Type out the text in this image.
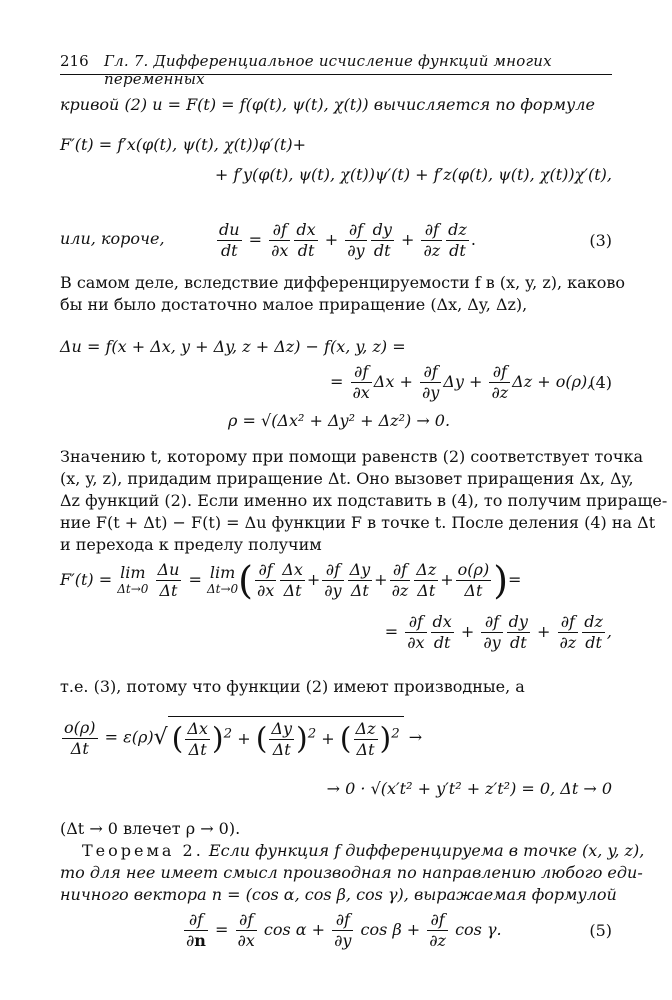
216 Гл. 7. Дифференциальное исчисление функций многих переменных
кривой (2) u = F(t) = f(φ(t), ψ(t), χ(t)) вычисляется по формуле
F′(t) = f′x(φ(t), ψ(t), χ(t))φ′(t)+
+ f′y(φ(t), ψ(t), χ(t))ψ′(t) + f′z(φ(t), ψ(t), χ(t))χ′(t),
или, короче,	$\frac{du}{dt} = \frac{\partial f}{\partial x} \frac{dx}{dt} + \frac{\partial f}{\partial y} \frac{dy}{dt} + \frac{\partial f}{\partial z} \frac{dz}{dt}$ .	(3)
В самом деле, вследствие дифференцируемости f в (x, y, z), каково
бы ни было достаточно малое приращение (Δx, Δy, Δz),
Δu = f(x + Δx, y + Δy, z + Δz) − f(x, y, z) =
= $\frac{\partial f}{\partial x}$ $\Delta x + \frac{\partial f}{\partial y}$ $\Delta y + \frac{\partial f}{\partial z}$ Δz + o(ρ),
(4)
ρ = √(Δx² + Δy² + Δz²) → 0.
Значению t, которому при помощи равенств (2) соответствует точка
(x, y, z), придадим приращение Δt. Оно вызовет приращения Δx, Δy,
Δz функций (2). Если именно их подставить в (4), то получим прираще-
ние F(t + Δt) − F(t) = Δu функции F в точке t. После деления (4) на Δt
и перехода к пределу получим
F′(t) = lim
Δt→0
$\frac{\Delta u}{\Delta t} = \lim$
Δt→0 ( $\frac{\partial f}{\partial x} \frac{\Delta x}{\Delta t} + \frac{\partial f}{\partial y} \frac{\Delta y}{\Delta t} + \frac{\partial f}{\partial z} \frac{\Delta z}{\Delta t} + \frac{o(\rho)}{\Delta t}$ )=
= $\frac{\partial f}{\partial x} \frac{dx}{dt} + \frac{\partial f}{\partial y} \frac{dy}{dt} + \frac{\partial f}{\partial z} \frac{dz}{dt}$ ,
т.е. (3), потому что функции (2) имеют производные, а
$\frac{o(\rho)}{\Delta t} = \varepsilon(\rho)√$ ( $\frac{\Delta x}{\Delta t} )^2$ + ( $\frac{\Delta y}{\Delta t} )^2$ + ( $\frac{\Delta z}{\Delta t} )^2$ →
→ 0 · √(x′t² + y′t² + z′t²) = 0, Δt → 0
(Δt → 0 влечет ρ → 0).
Теорема 2. Если функция f дифференцируема в точке (x, y, z),
то для нее имеет смысл производная по направлению любого еди-
ничного вектора n = (cos α, cos β, cos γ), выражаемая формулой
$\frac{\partial f}{\partial n} = \frac{\partial f}{\partial x}$ $\cos \alpha + \frac{\partial f}{\partial y}$ $\cos \beta + \frac{\partial f}{\partial z}$ cos γ.	(5)
